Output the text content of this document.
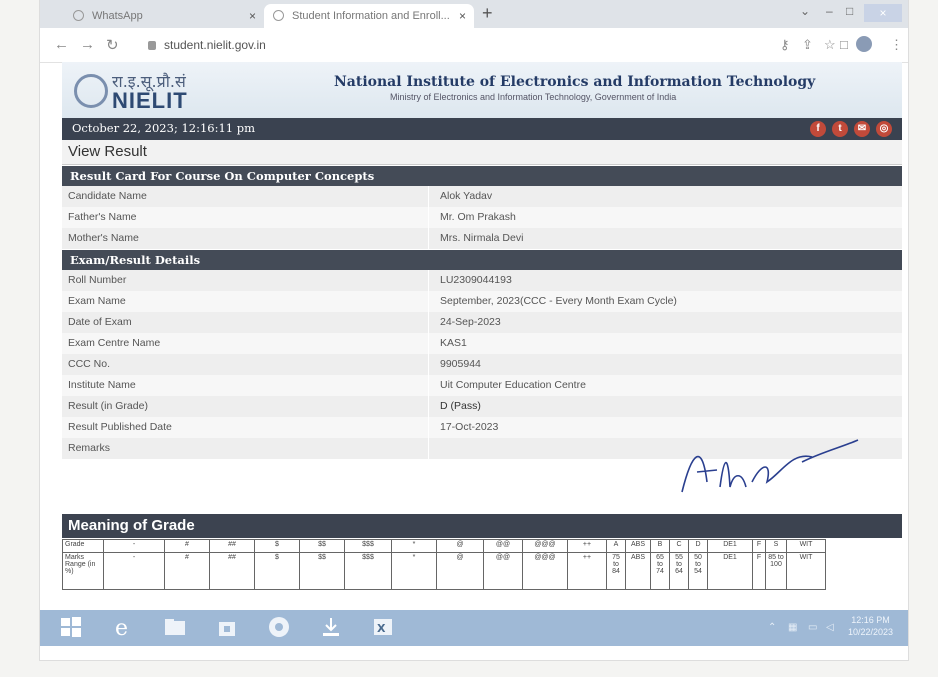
WhatsApp	×	Student Information and Enroll... × +	⌄ – □	×
← → ↻	student.nielit.gov.in	⚷ ⇪ ☆ □	⋮
रा.इ.सू.प्रौ.सं
NIELIT
National Institute of Electronics and Information Technology
Ministry of Electronics and Information Technology, Government of India
October 22, 2023; 12:16:11 pm	f	t	✉	◎
View Result
Result Card For Course On Computer Concepts
Candidate Name	Alok Yadav
Father's Name	Mr. Om Prakash
Mother's Name	Mrs. Nirmala Devi
Exam/Result Details
Roll Number	LU2309044193
Exam Name	September, 2023(CCC - Every Month Exam Cycle)
Date of Exam	24-Sep-2023
Exam Centre Name	KAS1
CCC No.	9905944
Institute Name	Uit Computer Education Centre
Result (in Grade)	D (Pass)
Result Published Date	17-Oct-2023
Remarks
Meaning of Grade
Grade	-	#	##	$	$$	$$$	*	@	@@	@@@	++	A	ABS	B	C	D	DE1	F	S	WIT
Marks Range (in %)	-	#	##	$	$$	$$$	*	@	@@	@@@	++	75 to 84	ABS	65 to 74	55 to 64	50 to 54	DE1	F	85 to 100	WIT
e	X	⌃ ▦ ▭ ◁
12:16 PM
10/22/2023
